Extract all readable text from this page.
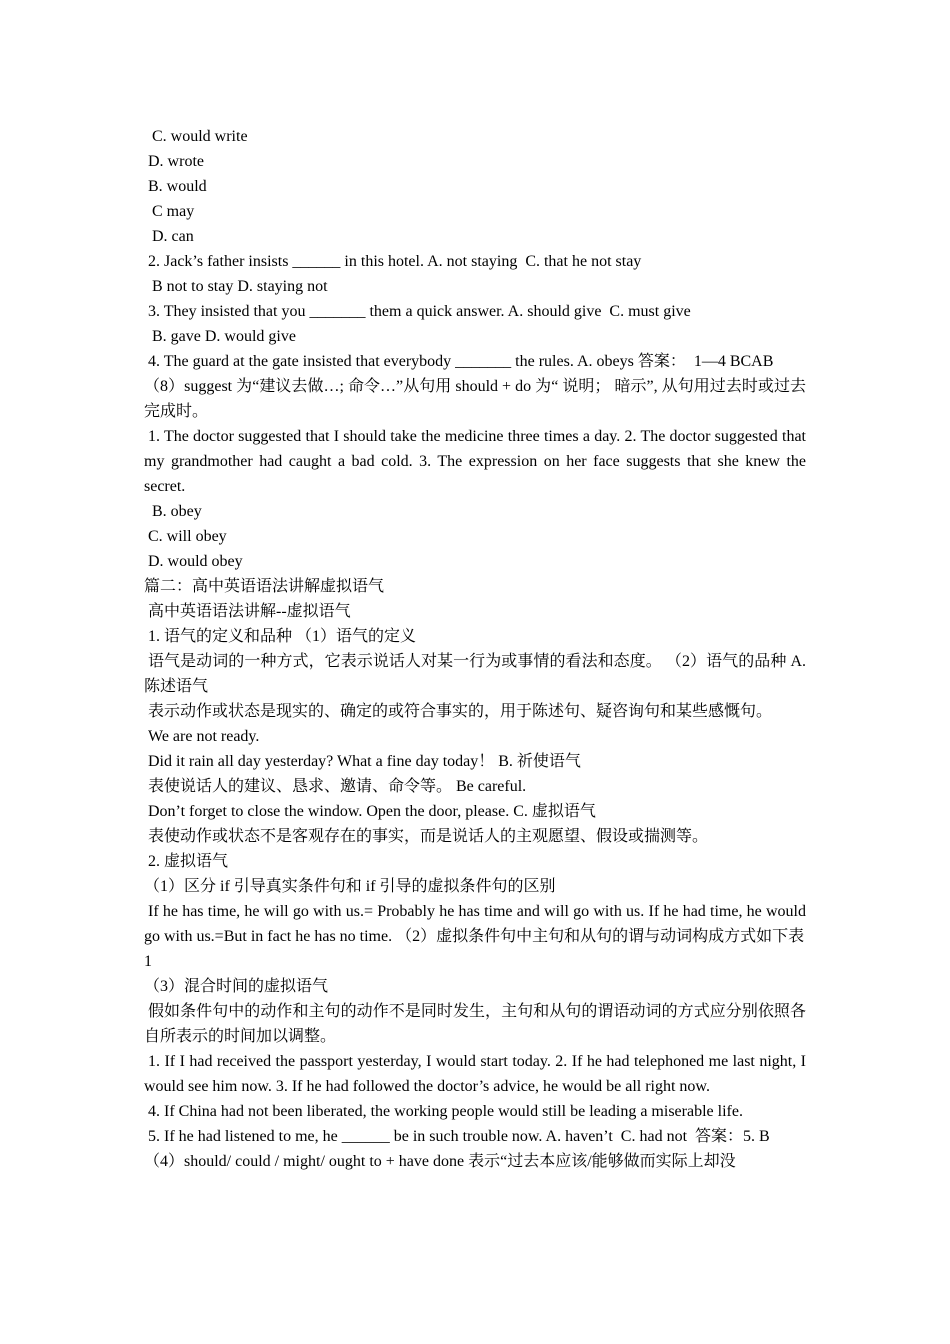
C. would write

D. wrote

B. would

C may

D. can

2. Jack’s father insists ______ in this hotel. A. not staying  C. that he not stay

B not to stay D. staying not

3. They insisted that you _______ them a quick answer. A. should give  C. must give

B. gave D. would give

4. The guard at the gate insisted that everybody _______ the rules. A. obeys 答案：  1—4 BCAB

（8）suggest 为“建议去做…; 命令…”从句用 should + do 为“ 说明； 暗示”, 从句用过去时或过去完成时。

1. The doctor suggested that I should take the medicine three times a day. 2. The doctor suggested that my grandmother had caught a bad cold. 3. The expression on her face suggests that she knew the secret.

B. obey

C. will obey

D. would obey

篇二：高中英语语法讲解虚拟语气

高中英语语法讲解--虚拟语气

1. 语气的定义和品种 （1）语气的定义

语气是动词的一种方式，它表示说话人对某一行为或事情的看法和态度。 （2）语气的品种 A. 陈述语气

表示动作或状态是现实的、确定的或符合事实的，用于陈述句、疑咨询句和某些感慨句。

We are not ready.

Did it rain all day yesterday? What a fine day today！ B. 祈使语气

表使说话人的建议、恳求、邀请、命令等。 Be careful.

Don’t forget to close the window. Open the door, please. C. 虚拟语气

表使动作或状态不是客观存在的事实，而是说话人的主观愿望、假设或揣测等。

2. 虚拟语气

（1）区分 if 引导真实条件句和 if 引导的虚拟条件句的区别

If he has time, he will go with us.= Probably he has time and will go with us. If he had time, he would go with us.=But in fact he has no time. （2）虚拟条件句中主句和从句的谓与动词构成方式如下表

1

（3）混合时间的虚拟语气

假如条件句中的动作和主句的动作不是同时发生，主句和从句的谓语动词的方式应分别依照各自所表示的时间加以调整。

1. If I had received the passport yesterday, I would start today. 2. If he had telephoned me last night, I would see him now. 3. If he had followed the doctor’s advice, he would be all right now.

4. If China had not been liberated, the working people would still be leading a miserable life.

5. If he had listened to me, he ______ be in such trouble now. A. haven’t  C. had not  答案：5. B

（4）should/ could / might/ ought to + have done 表示“过去本应该/能够做而实际上却没
